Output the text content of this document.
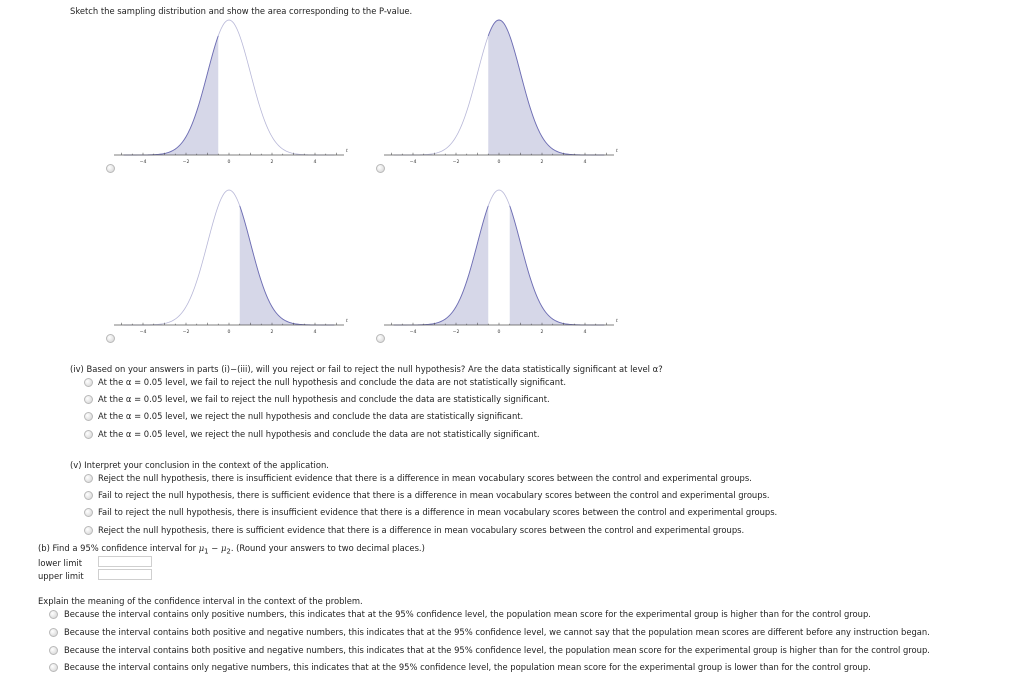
Sketch the sampling distribution and show the area corresponding to the P-value.
−4	−2	0	2	4
t
−4	−2	0	2	4
t
−4	−2	0	2	4
t
−4	−2	0	2	4
t
(iv) Based on your answers in parts (i)−(iii), will you reject or fail to reject the null hypothesis? Are the data statistically significant at level α?
At the α = 0.05 level, we fail to reject the null hypothesis and conclude the data are not statistically significant.
At the α = 0.05 level, we fail to reject the null hypothesis and conclude the data are statistically significant.
At the α = 0.05 level, we reject the null hypothesis and conclude the data are statistically significant.
At the α = 0.05 level, we reject the null hypothesis and conclude the data are not statistically significant.
(v) Interpret your conclusion in the context of the application.
Reject the null hypothesis, there is insufficient evidence that there is a difference in mean vocabulary scores between the control and experimental groups.
Fail to reject the null hypothesis, there is sufficient evidence that there is a difference in mean vocabulary scores between the control and experimental groups.
Fail to reject the null hypothesis, there is insufficient evidence that there is a difference in mean vocabulary scores between the control and experimental groups.
Reject the null hypothesis, there is sufficient evidence that there is a difference in mean vocabulary scores between the control and experimental groups.
(b) Find a 95% confidence interval for $\mu_1 - \mu_2$. (Round your answers to two decimal places.)
lower limit
upper limit
Explain the meaning of the confidence interval in the context of the problem.
Because the interval contains only positive numbers, this indicates that at the 95% confidence level, the population mean score for the experimental group is higher than for the control group.
Because the interval contains both positive and negative numbers, this indicates that at the 95% confidence level, we cannot say that the population mean scores are different before any instruction began.
Because the interval contains both positive and negative numbers, this indicates that at the 95% confidence level, the population mean score for the experimental group is higher than for the control group.
Because the interval contains only negative numbers, this indicates that at the 95% confidence level, the population mean score for the experimental group is lower than for the control group.
